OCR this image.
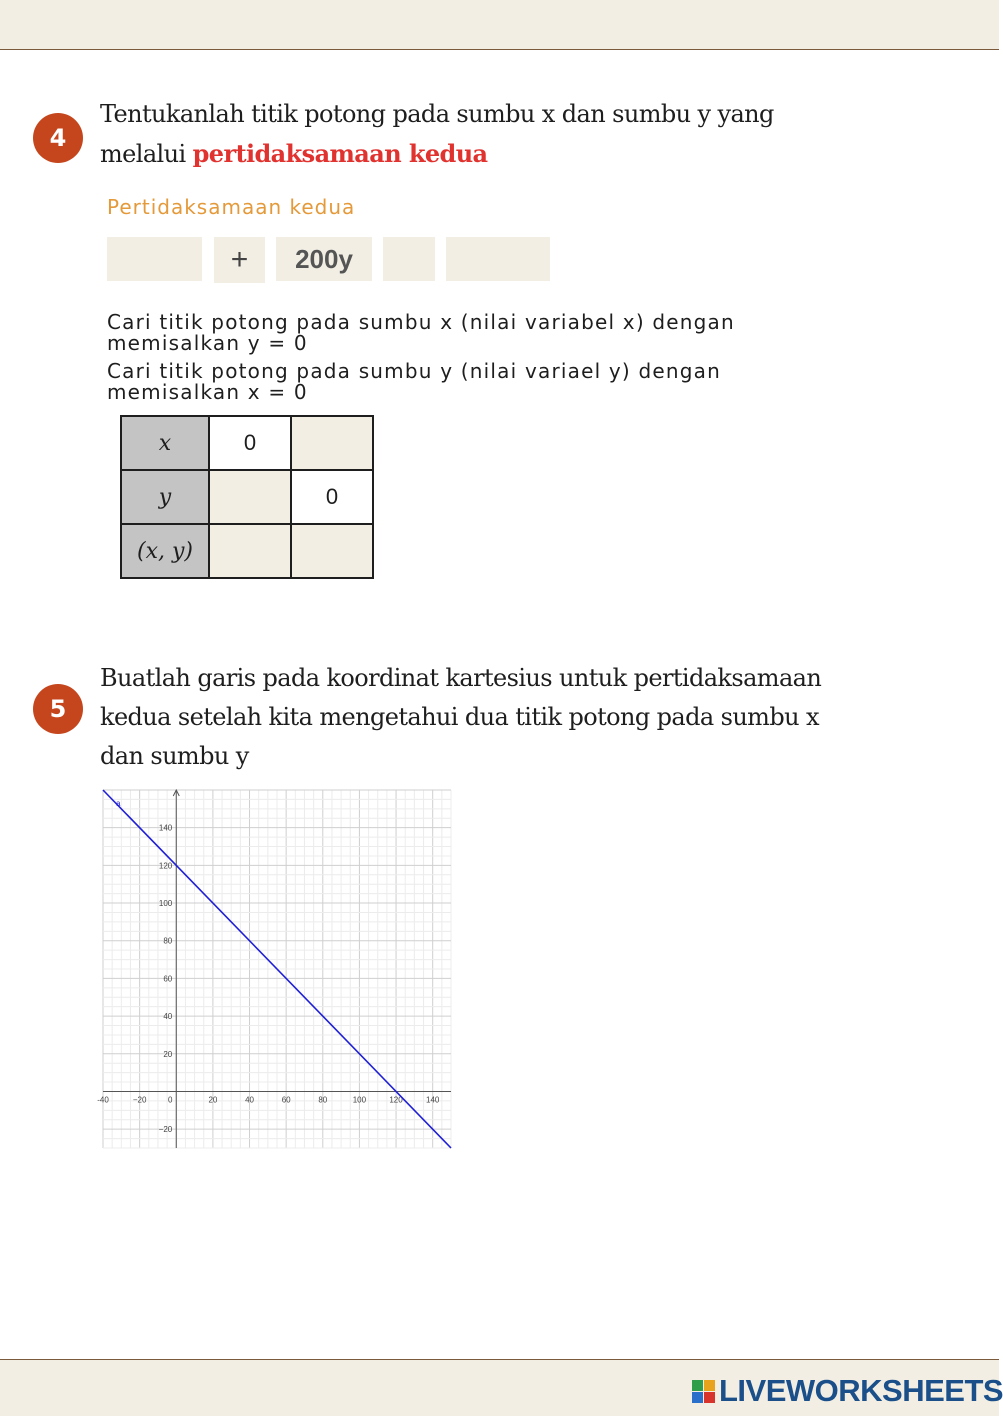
4
Tentukanlah titik potong pada sumbu x dan sumbu y yang
melalui pertidaksamaan kedua
Pertidaksamaan kedua
+	200y
Cari titik potong pada sumbu x (nilai variabel x) dengan memisalkan y = 0
Cari titik potong pada sumbu y (nilai variael y) dengan memisalkan x = 0
x	0	
y		0
(x, y)		
5
Buatlah garis pada koordinat kartesius untuk pertidaksamaan
kedua setelah kita mengetahui dua titik potong pada sumbu x
dan sumbu y
-40	−20	20	40	60	80	100	120	140
0
−20
20
40
60
80
100
120
140
a
LIVEWORKSHEETS
